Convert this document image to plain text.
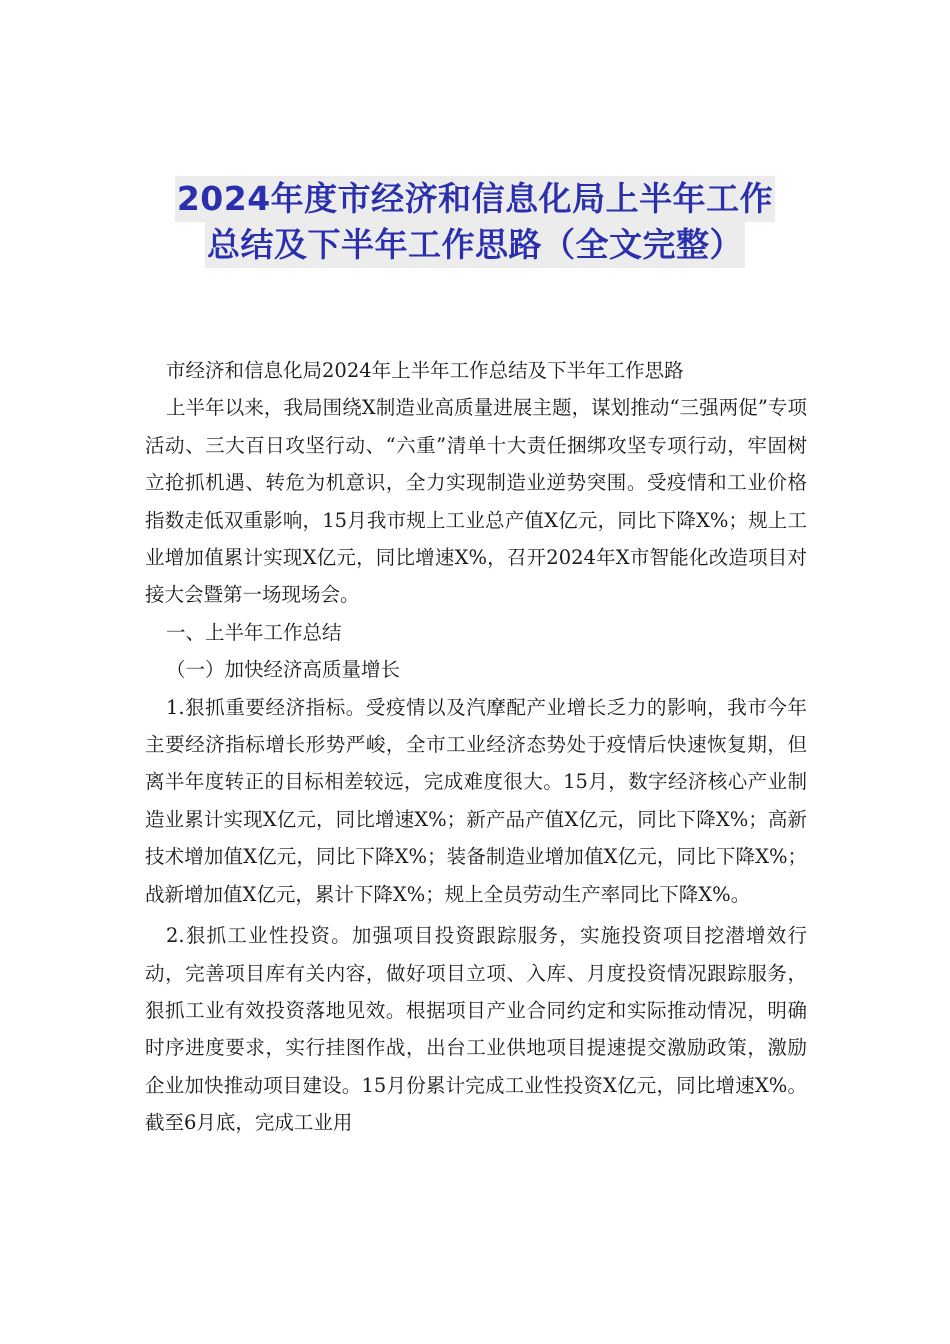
2024年度市经济和信息化局上半年工作
总结及下半年工作思路（全文完整）

市经济和信息化局2024年上半年工作总结及下半年工作思路

上半年以来，我局围绕X制造业高质量进展主题，谋划推动“三强两促”专项活动、三大百日攻坚行动、“六重”清单十大责任捆绑攻坚专项行动，牢固树立抢抓机遇、转危为机意识，全力实现制造业逆势突围。受疫情和工业价格指数走低双重影响，15月我市规上工业总产值X亿元，同比下降X%；规上工业增加值累计实现X亿元，同比增速X%，召开2024年X市智能化改造项目对接大会暨第一场现场会。

一、上半年工作总结

（一）加快经济高质量增长

1.狠抓重要经济指标。受疫情以及汽摩配产业增长乏力的影响，我市今年主要经济指标增长形势严峻，全市工业经济态势处于疫情后快速恢复期，但离半年度转正的目标相差较远，完成难度很大。15月，数字经济核心产业制造业累计实现X亿元，同比增速X%；新产品产值X亿元，同比下降X%；高新技术增加值X亿元，同比下降X%；装备制造业增加值X亿元，同比下降X%；战新增加值X亿元，累计下降X%；规上全员劳动生产率同比下降X%。

2.狠抓工业性投资。加强项目投资跟踪服务，实施投资项目挖潜增效行动，完善项目库有关内容，做好项目立项、入库、月度投资情况跟踪服务，狠抓工业有效投资落地见效。根据项目产业合同约定和实际推动情况，明确时序进度要求，实行挂图作战，出台工业供地项目提速提交激励政策，激励企业加快推动项目建设。15月份累计完成工业性投资X亿元，同比增速X%。截至6月底，完成工业用
